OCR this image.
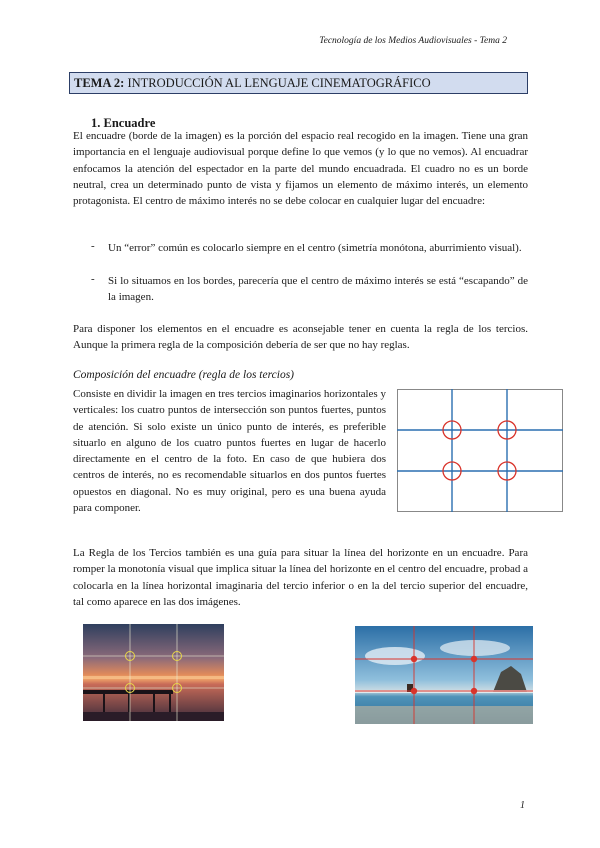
Tecnología de los Medios Audiovisuales - Tema 2
TEMA 2: INTRODUCCIÓN AL LENGUAJE CINEMATOGRÁFICO
1. Encuadre
El encuadre (borde de la imagen) es la porción del espacio real recogido en la imagen. Tiene una gran importancia en el lenguaje audiovisual porque define lo que vemos (y lo que no vemos). Al encuadrar enfocamos la atención del espectador en la parte del mundo encuadrada. El cuadro no es un borde neutral, crea un determinado punto de vista y fijamos un elemento de máximo interés, un elemento protagonista. El centro de máximo interés no se debe colocar en cualquier lugar del encuadre:
- Un “error” común es colocarlo siempre en el centro (simetría monótona, aburrimiento visual).
- Si lo situamos en los bordes, parecería que el centro de máximo interés se está “escapando” de la imagen.
Para disponer los elementos en el encuadre es aconsejable tener en cuenta la regla de los tercios. Aunque la primera regla de la composición debería de ser que no hay reglas.
Composición del encuadre (regla de los tercios)
Consiste en dividir la imagen en tres tercios imaginarios horizontales y verticales: los cuatro puntos de intersección son puntos fuertes, puntos de atención. Si solo existe un único punto de interés, es preferible situarlo en alguno de los cuatro puntos fuertes en lugar de hacerlo directamente en el centro de la foto. En caso de que hubiera dos centros de interés, no es recomendable situarlos en dos puntos fuertes opuestos en diagonal. No es muy original, pero es una buena ayuda para componer.
La Regla de los Tercios también es una guía para situar la línea del horizonte en un encuadre. Para romper la monotonía visual que implica situar la línea del horizonte en el centro del encuadre, probad a colocarla en la línea horizontal imaginaria del tercio inferior o en la del tercio superior del encuadre, tal como aparece en las dos imágenes.
1
